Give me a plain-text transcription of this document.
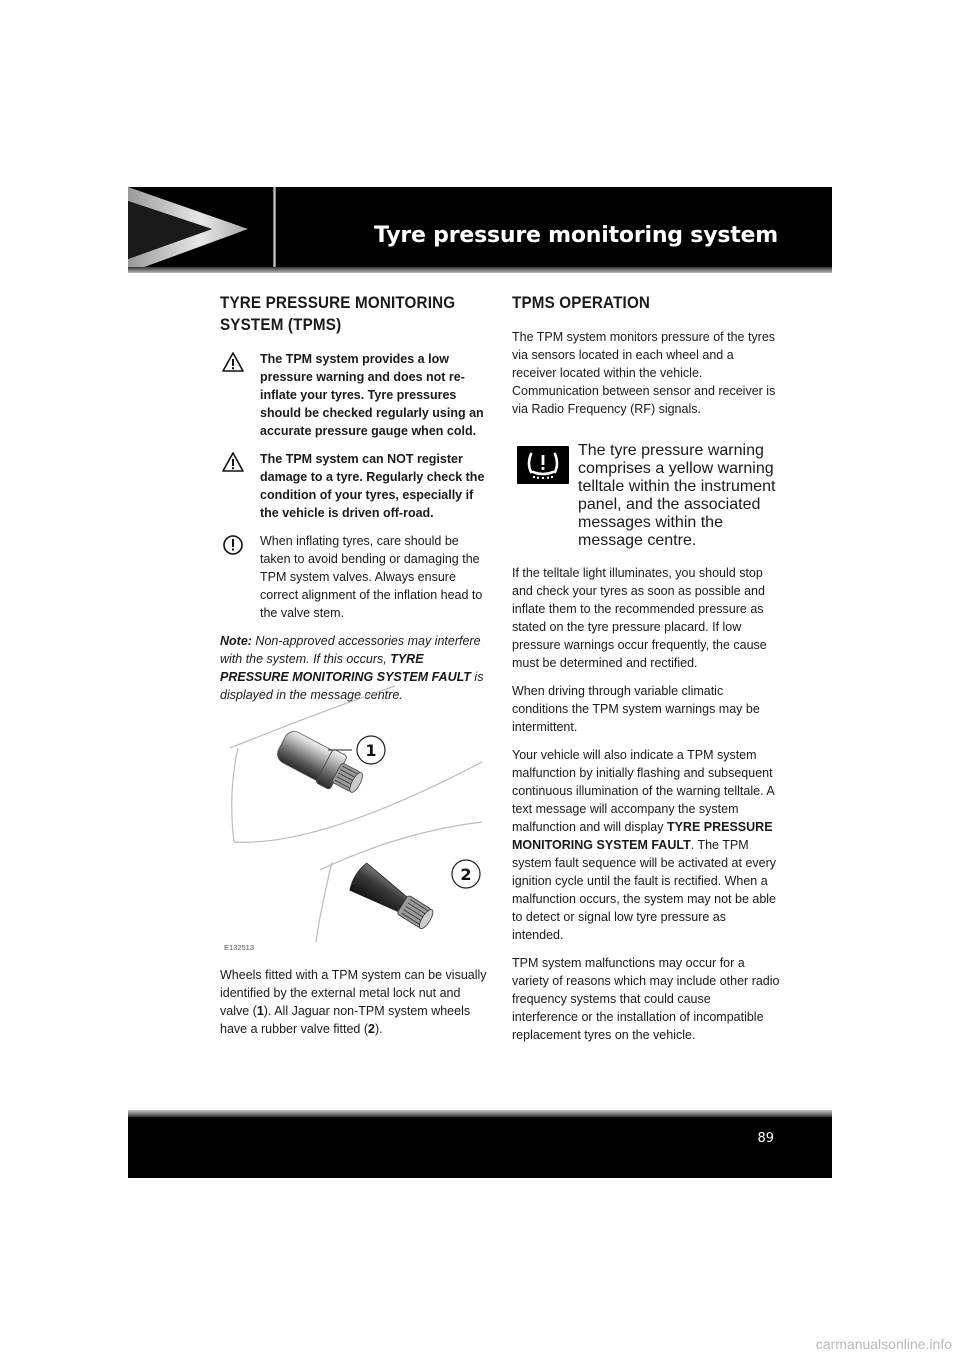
Tyre pressure monitoring system
TYRE PRESSURE MONITORING
SYSTEM (TPMS)
The TPM system provides a low pressure warning and does not re-inflate your tyres. Tyre pressures should be checked regularly using an accurate pressure gauge when cold.
The TPM system can NOT register damage to a tyre. Regularly check the condition of your tyres, especially if the vehicle is driven off-road.
When inflating tyres, care should be taken to avoid bending or damaging the TPM system valves. Always ensure correct alignment of the inflation head to the valve stem.

Note: Non-approved accessories may interfere with the system. If this occurs, TYRE PRESSURE MONITORING SYSTEM FAULT is displayed in the message centre.

1
2
E132513

Wheels fitted with a TPM system can be visually identified by the external metal lock nut and valve (1). All Jaguar non-TPM system wheels have a rubber valve fitted (2).

TPMS OPERATION

The TPM system monitors pressure of the tyres via sensors located in each wheel and a receiver located within the vehicle. Communication between sensor and receiver is via Radio Frequency (RF) signals.

The tyre pressure warning comprises a yellow warning telltale within the instrument panel, and the associated messages within the message centre.

If the telltale light illuminates, you should stop and check your tyres as soon as possible and inflate them to the recommended pressure as stated on the tyre pressure placard. If low pressure warnings occur frequently, the cause must be determined and rectified.

When driving through variable climatic conditions the TPM system warnings may be intermittent.

Your vehicle will also indicate a TPM system malfunction by initially flashing and subsequent continuous illumination of the warning telltale. A text message will accompany the system malfunction and will display TYRE PRESSURE MONITORING SYSTEM FAULT. The TPM system fault sequence will be activated at every ignition cycle until the fault is rectified. When a malfunction occurs, the system may not be able to detect or signal low tyre pressure as intended.

TPM system malfunctions may occur for a variety of reasons which may include other radio frequency systems that could cause interference or the installation of incompatible replacement tyres on the vehicle.

89
carmanualsonline.info
